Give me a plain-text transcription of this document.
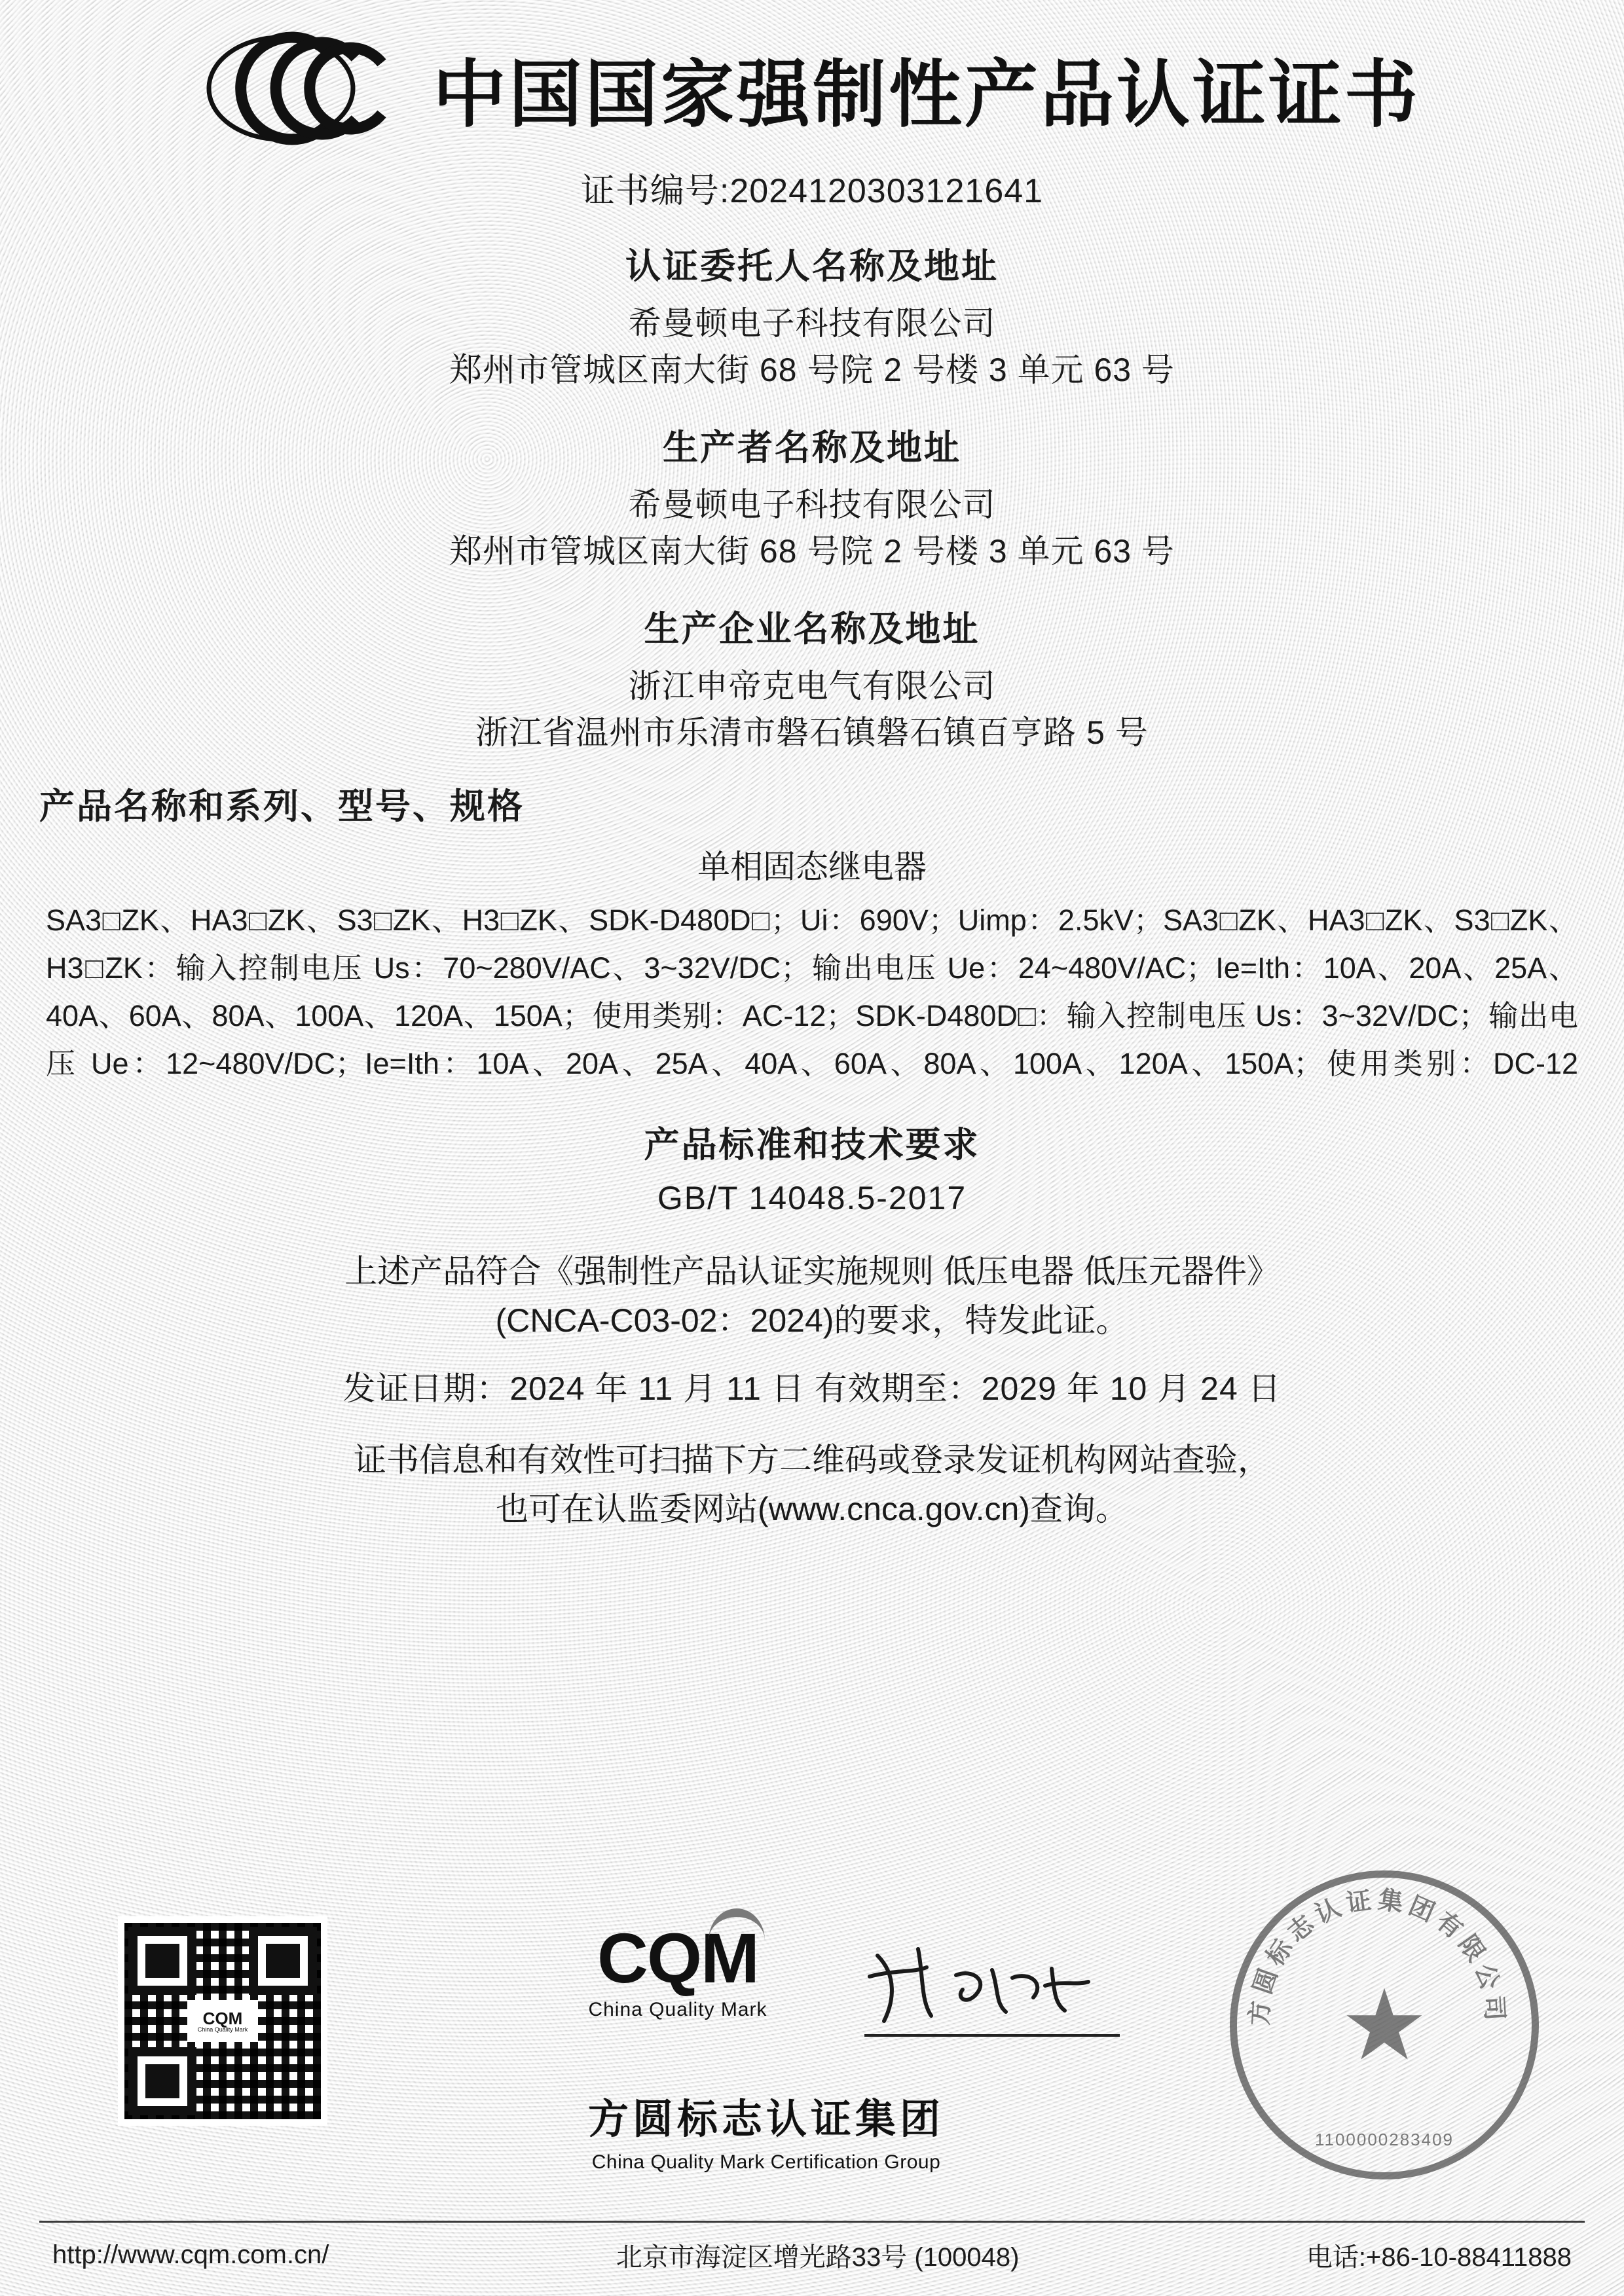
中国国家强制性产品认证证书
证书编号:2024120303121641
认证委托人名称及地址
希曼顿电子科技有限公司
郑州市管城区南大街 68 号院 2 号楼 3 单元 63 号
生产者名称及地址
希曼顿电子科技有限公司
郑州市管城区南大街 68 号院 2 号楼 3 单元 63 号
生产企业名称及地址
浙江申帝克电气有限公司
浙江省温州市乐清市磐石镇磐石镇百亨路 5 号
产品名称和系列、型号、规格
单相固态继电器
SA3□ZK、HA3□ZK、S3□ZK、H3□ZK、SDK-D480D□；Ui：690V；Uimp：2.5kV；SA3□ZK、HA3□ZK、S3□ZK、H3□ZK：输入控制电压 Us：70~280V/AC、3~32V/DC；输出电压 Ue：24~480V/AC；Ie=Ith：10A、20A、25A、40A、60A、80A、100A、120A、150A；使用类别：AC-12；SDK-D480D□：输入控制电压 Us：3~32V/DC；输出电压 Ue：12~480V/DC；Ie=Ith：10A、20A、25A、40A、60A、80A、100A、120A、150A；使用类别：DC-12
产品标准和技术要求
GB/T 14048.5-2017
上述产品符合《强制性产品认证实施规则 低压电器 低压元器件》
(CNCA-C03-02：2024)的要求，特发此证。
发证日期：2024 年 11 月 11 日 有效期至：2029 年 10 月 24 日
证书信息和有效性可扫描下方二维码或登录发证机构网站查验，
也可在认监委网站(www.cnca.gov.cn)查询。
CQM
China Quality Mark
CQM
China Quality Mark
方圆标志认证集团
China Quality Mark Certification Group
★
方圆标志认证集团有限公司
1100000283409
http://www.cqm.com.cn/	北京市海淀区增光路33号 (100048)	电话:+86-10-88411888
